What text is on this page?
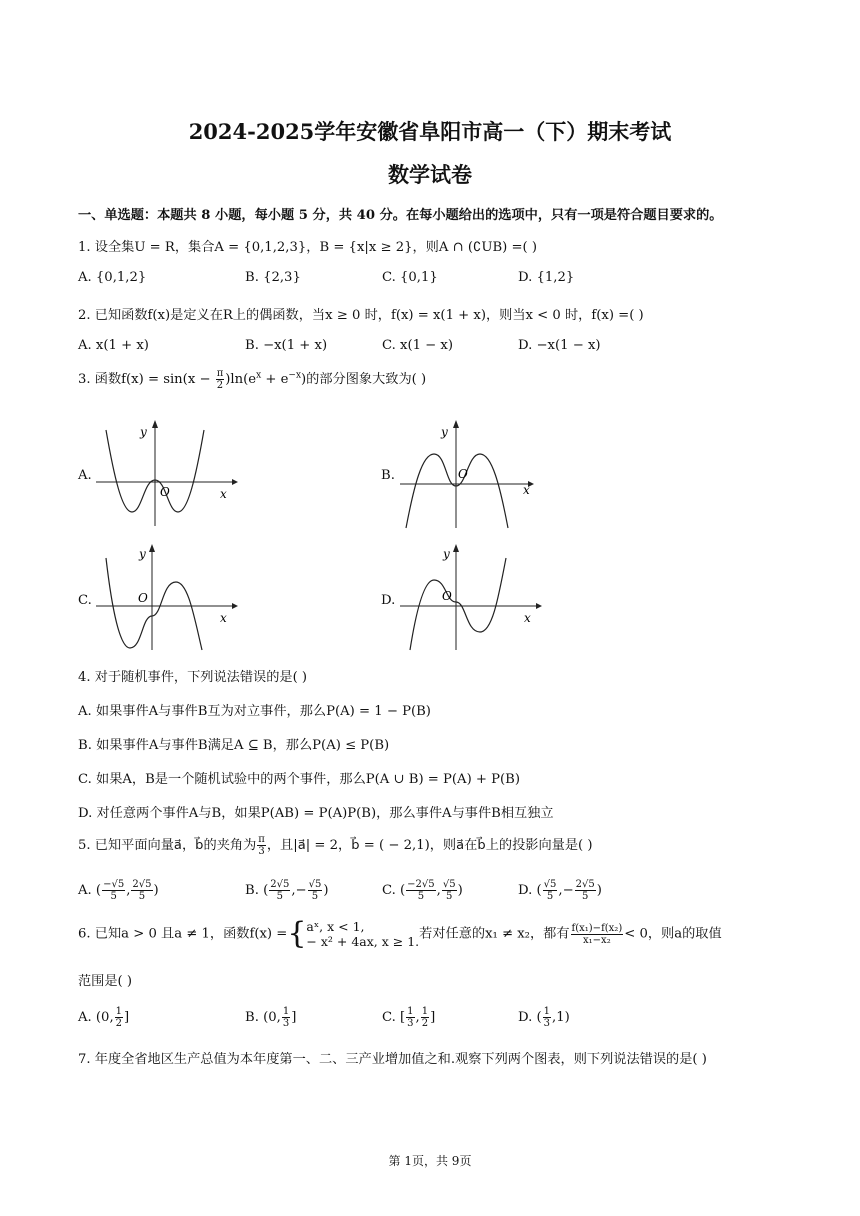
2024-2025学年安徽省阜阳市高一（下）期末考试
数学试卷
一、单选题：本题共 8 小题，每小题 5 分，共 40 分。在每小题给出的选项中，只有一项是符合题目要求的。
1. 设全集U = R，集合A = {0,1,2,3}，B = {x|x ≥ 2}，则A ∩ (∁UB) =( )
A. {0,1,2}	B. {2,3}	C. {0,1}	D. {1,2}
2. 已知函数f(x)是定义在R上的偶函数，当x ≥ 0 时，f(x) = x(1 + x)，则当x < 0 时，f(x) =( )
A. x(1 + x)	B. −x(1 + x)	C. x(1 − x)	D. −x(1 − x)
3. 函数$f(x) = \sin(x - \frac{\pi}{2} )\ln(e^x + e^{-x})$的部分图象大致为( )
A.	B.
C.	D.
y
O	x
y
O
x
y
O
x
y
O
x
4. 对于随机事件，下列说法错误的是( )
A. 如果事件A与事件B互为对立事件，那么P(A) = 1 − P(B)
B. 如果事件A与事件B满足A ⊆ B，那么P(A) ≤ P(B)
C. 如果A，B是一个随机试验中的两个事件，那么P(A ∪ B) = P(A) + P(B)
D. 对任意两个事件A与B，如果P(AB) = P(A)P(B)，那么事件A与事件B相互独立
5. 已知平面向量a⃗，b⃗的夹角为 $\frac{\pi}{3}$ ，且|a⃗| = 2，b⃗ = ( − 2,1)，则a⃗在b⃗上的投影向量是( )
A. ( $\frac{-√5}{5}$ , $\frac{2√5}{5}$ )	B. ( $\frac{2√5}{5}$ ,− $\frac{√5}{5}$ )	C. ( $\frac{-2√5}{5}$ , $\frac{√5}{5}$ )	D. ( $\frac{√5}{5}$ ,− $\frac{2√5}{5}$ )
6. 已知a > 0 且a ≠ 1，函数f(x) ={ aˣ, x < 1,
− x² + 4ax, x ≥ 1. 若对任意的x₁ ≠ x₂，都有 $\frac{\text{f(x₁)−f(x₂)}}{\text{x₁−x₂}} < 0$，则a的取值
范围是( )
A. (0, $\frac{1}{2}$ ]	B. (0, $\frac{1}{3}$ ]	C. [ $\frac{1}{3}$ , $\frac{1}{2}$ ]	D. ( $\frac{1}{3} ,1$)
7. 年度全省地区生产总值为本年度第一、二、三产业增加值之和.观察下列两个图表，则下列说法错误的是( )
第 1页，共 9页
